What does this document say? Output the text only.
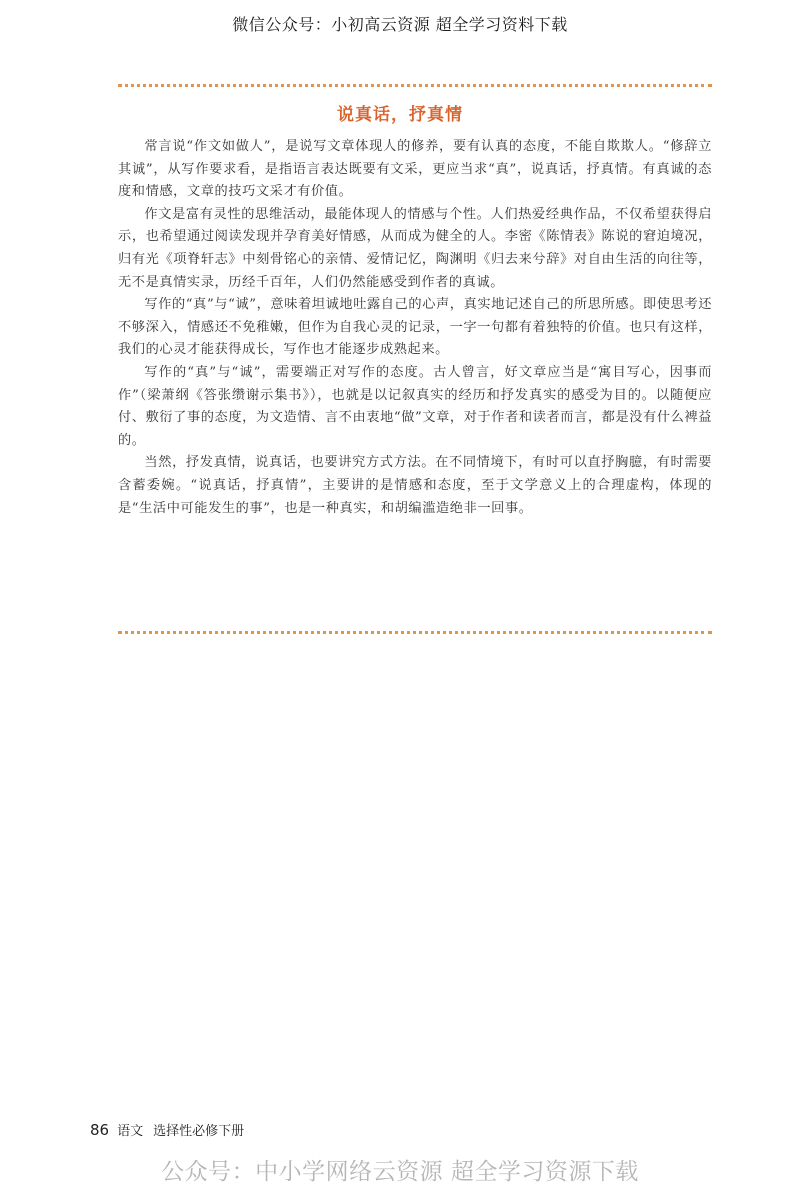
微信公众号：小初高云资源 超全学习资料下载
说真话，抒真情

常言说“作文如做人”，是说写文章体现人的修养，要有认真的态度，不能自欺欺人。“修辞立其诚”，从写作要求看，是指语言表达既要有文采，更应当求“真”，说真话，抒真情。有真诚的态度和情感，文章的技巧文采才有价值。

作文是富有灵性的思维活动，最能体现人的情感与个性。人们热爱经典作品，不仅希望获得启示，也希望通过阅读发现并孕育美好情感，从而成为健全的人。李密《陈情表》陈说的窘迫境况，归有光《项脊轩志》中刻骨铭心的亲情、爱情记忆，陶渊明《归去来兮辞》对自由生活的向往等，无不是真情实录，历经千百年，人们仍然能感受到作者的真诚。

写作的“真”与“诚”，意味着坦诚地吐露自己的心声，真实地记述自己的所思所感。即使思考还不够深入，情感还不免稚嫩，但作为自我心灵的记录，一字一句都有着独特的价值。也只有这样，我们的心灵才能获得成长，写作也才能逐步成熟起来。

写作的“真”与“诚”，需要端正对写作的态度。古人曾言，好文章应当是“寓目写心，因事而作”（梁萧纲《答张缵谢示集书》），也就是以记叙真实的经历和抒发真实的感受为目的。以随便应付、敷衍了事的态度，为文造情、言不由衷地“做”文章，对于作者和读者而言，都是没有什么裨益的。

当然，抒发真情，说真话，也要讲究方式方法。在不同情境下，有时可以直抒胸臆，有时需要含蓄委婉。“说真话，抒真情”，主要讲的是情感和态度，至于文学意义上的合理虚构，体现的是“生活中可能发生的事”，也是一种真实，和胡编滥造绝非一回事。

86 语文 选择性必修下册
公众号：中小学网络云资源 超全学习资源下载
